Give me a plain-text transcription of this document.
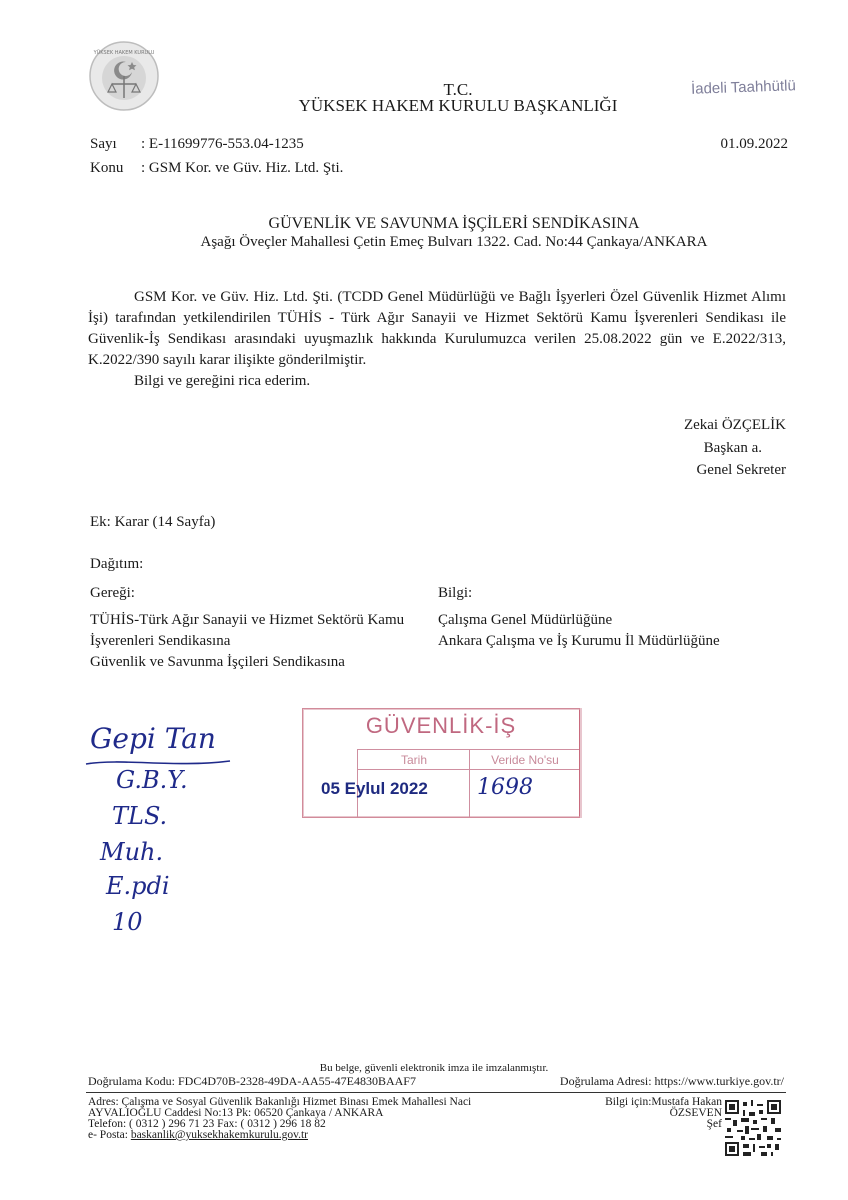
YÜKSEK HAKEM KURULU
T.C.
YÜKSEK HAKEM KURULU BAŞKANLIĞI
İadeli Taahhütlü
Sayı : E-11699776-553.04-1235
Konu : GSM Kor. ve Güv. Hiz. Ltd. Şti.
01.09.2022
GÜVENLİK VE SAVUNMA İŞÇİLERİ SENDİKASINA
Aşağı Öveçler Mahallesi Çetin Emeç Bulvarı 1322. Cad. No:44 Çankaya/ANKARA
GSM Kor. ve Güv. Hiz. Ltd. Şti. (TCDD Genel Müdürlüğü ve Bağlı İşyerleri Özel Güvenlik Hizmet Alımı İşi) tarafından yetkilendirilen TÜHİS - Türk Ağır Sanayii ve Hizmet Sektörü Kamu İşverenleri Sendikası ile Güvenlik-İş Sendikası arasındaki uyuşmazlık hakkında Kurulumuzca verilen 25.08.2022 gün ve E.2022/313, K.2022/390 sayılı karar ilişikte gönderilmiştir.
Bilgi ve gereğini rica ederim.
Zekai ÖZÇELİK
Başkan a.
Genel Sekreter
Ek: Karar (14 Sayfa)
Dağıtım:
Gereği:
TÜHİS-Türk Ağır Sanayii ve Hizmet Sektörü Kamu
İşverenleri Sendikasına
Güvenlik ve Savunma İşçileri Sendikasına
Bilgi:
Çalışma Genel Müdürlüğüne
Ankara Çalışma ve İş Kurumu İl Müdürlüğüne
Gepi Tan
G.B.Y.
TLS.
Muh.
E.pdi
10
GÜVENLİK-İŞ
Tarih	Veride No'su
05 Eylul 2022 1698
Bu belge, güvenli elektronik imza ile imzalanmıştır.
Doğrulama Kodu: FDC4D70B-2328-49DA-AA55-47E4830BAAF7	Doğrulama Adresi: https://www.turkiye.gov.tr/
Adres: Çalışma ve Sosyal Güvenlik Bakanlığı Hizmet Binası Emek Mahallesi Naci
AYVALIOĞLU Caddesi No:13 Pk: 06520 Çankaya / ANKARA
Telefon: ( 0312 ) 296 71 23 Fax: ( 0312 ) 296 18 82
e- Posta: baskanlik@yuksekhakemkurulu.gov.tr
Bilgi için:Mustafa Hakan
ÖZSEVEN
Şef
